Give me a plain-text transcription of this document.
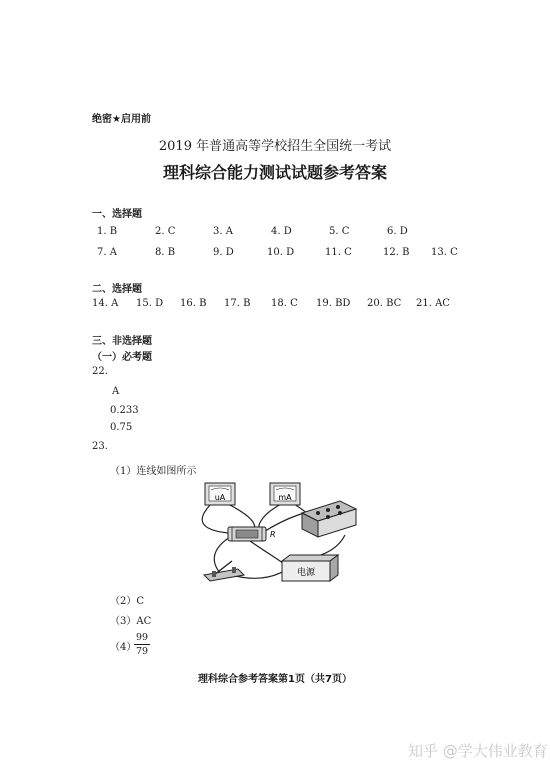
绝密★启用前
2019 年普通高等学校招生全国统一考试
理科综合能力测试试题参考答案
一、选择题
1. B	2. C	3. A	4. D	5. C	6. D
7. A	8. B	9. D	10. D	11. C	12. B 13. C
二、选择题
14. A 15. D 16. B 17. B 18. C 19. BD 20. BC 21. AC
三、非选择题
（一）必考题
22.
A
0.233
0.75
23.
（1）连线如图所示
uA	mA
R
电源
（2）C
（3）AC
（4）
99
79
理科综合参考答案第1页（共7页）
知乎 @学大伟业教育
